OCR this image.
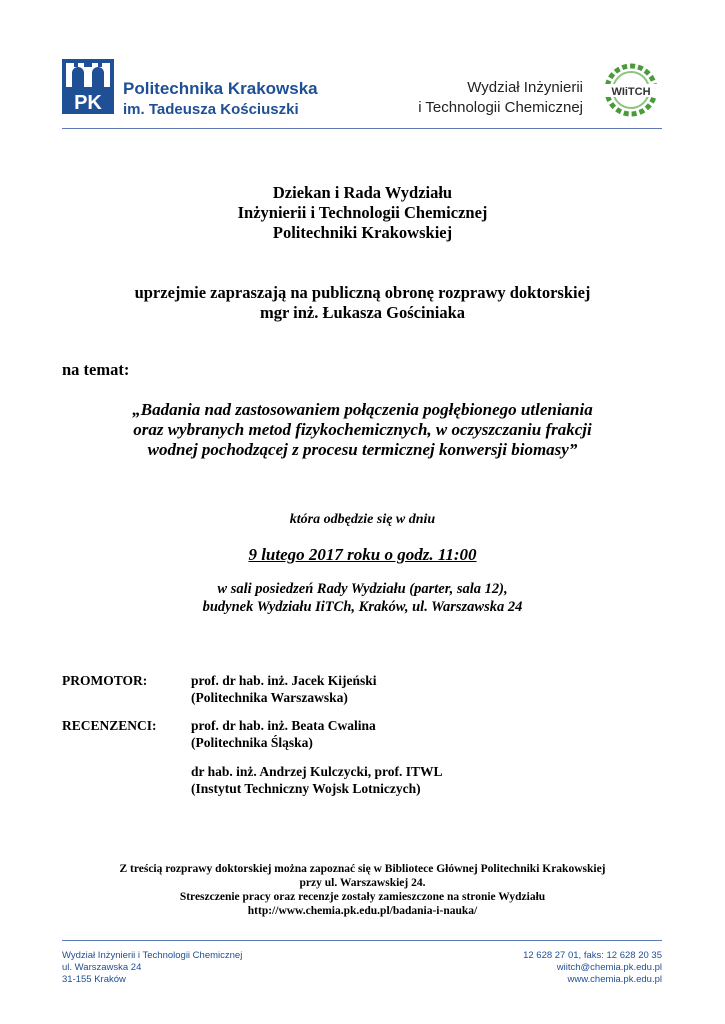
PK
Politechnika Krakowska
im. Tadeusza Kościuszki
Wydział Inżynierii
i Technologii Chemicznej
WIiTCH
Dziekan i Rada Wydziału
Inżynierii i Technologii Chemicznej
Politechniki Krakowskiej
uprzejmie zapraszają na publiczną obronę rozprawy doktorskiej
mgr inż. Łukasza Gościniaka
na temat:
„Badania nad zastosowaniem połączenia pogłębionego utleniania
oraz wybranych metod fizykochemicznych, w oczyszczaniu frakcji
wodnej pochodzącej z procesu termicznej konwersji biomasy”
która odbędzie się w dniu
9 lutego 2017 roku o godz. 11:00
w sali posiedzeń Rady Wydziału (parter, sala 12),
budynek Wydziału IiTCh, Kraków, ul. Warszawska 24
PROMOTOR:	prof. dr hab. inż. Jacek Kijeński
(Politechnika Warszawska)
RECENZENCI:	prof. dr hab. inż. Beata Cwalina
(Politechnika Śląska)
dr hab. inż. Andrzej Kulczycki, prof. ITWL
(Instytut Techniczny Wojsk Lotniczych)
Z treścią rozprawy doktorskiej można zapoznać się w Bibliotece Głównej Politechniki Krakowskiej
przy ul. Warszawskiej 24.
Streszczenie pracy oraz recenzje zostały zamieszczone na stronie Wydziału
http://www.chemia.pk.edu.pl/badania-i-nauka/
Wydział Inżynierii i Technologii Chemicznej
ul. Warszawska 24
31-155 Kraków
12 628 27 01, faks: 12 628 20 35
wiitch@chemia.pk.edu.pl
www.chemia.pk.edu.pl
